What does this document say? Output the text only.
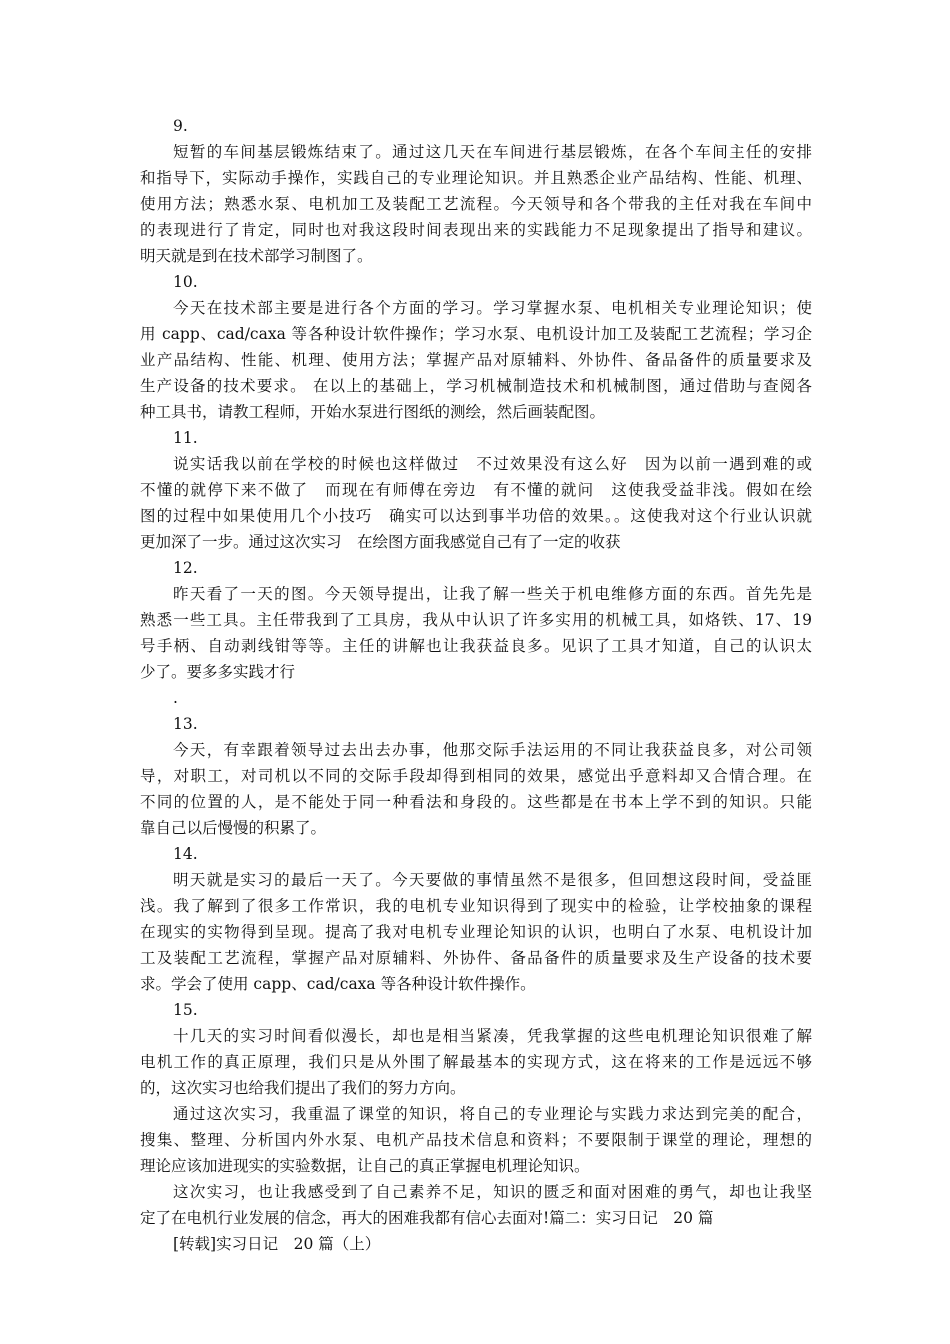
9.
短暂的车间基层锻炼结束了。通过这几天在车间进行基层锻炼，在各个车间主任的安排
和指导下，实际动手操作，实践自己的专业理论知识。并且熟悉企业产品结构、性能、机理、
使用方法；熟悉水泵、电机加工及装配工艺流程。今天领导和各个带我的主任对我在车间中
的表现进行了肯定，同时也对我这段时间表现出来的实践能力不足现象提出了指导和建议。
明天就是到在技术部学习制图了。
10.
今天在技术部主要是进行各个方面的学习。学习掌握水泵、电机相关专业理论知识；使
用 capp、cad/caxa 等各种设计软件操作；学习水泵、电机设计加工及装配工艺流程；学习企
业产品结构、性能、机理、使用方法；掌握产品对原辅料、外协件、备品备件的质量要求及
生产设备的技术要求。 在以上的基础上，学习机械制造技术和机械制图，通过借助与查阅各
种工具书，请教工程师，开始水泵进行图纸的测绘，然后画装配图。
11.
说实话我以前在学校的时候也这样做过　不过效果没有这么好　因为以前一遇到难的或
不懂的就停下来不做了　而现在有师傅在旁边　有不懂的就问　这使我受益非浅。假如在绘
图的过程中如果使用几个小技巧　确实可以达到事半功倍的效果。。这使我对这个行业认识就
更加深了一步。通过这次实习　在绘图方面我感觉自己有了一定的收获
12.
昨天看了一天的图。今天领导提出，让我了解一些关于机电维修方面的东西。首先先是
熟悉一些工具。主任带我到了工具房，我从中认识了许多实用的机械工具，如烙铁、17、19
号手柄、自动剥线钳等等。主任的讲解也让我获益良多。见识了工具才知道，自己的认识太
少了。要多多实践才行
.
13.
今天，有幸跟着领导过去出去办事，他那交际手法运用的不同让我获益良多，对公司领
导，对职工，对司机以不同的交际手段却得到相同的效果，感觉出乎意料却又合情合理。在
不同的位置的人，是不能处于同一种看法和身段的。这些都是在书本上学不到的知识。只能
靠自己以后慢慢的积累了。
14.
明天就是实习的最后一天了。今天要做的事情虽然不是很多，但回想这段时间，受益匪
浅。我了解到了很多工作常识，我的电机专业知识得到了现实中的检验，让学校抽象的课程
在现实的实物得到呈现。提高了我对电机专业理论知识的认识，也明白了水泵、电机设计加
工及装配工艺流程，掌握产品对原辅料、外协件、备品备件的质量要求及生产设备的技术要
求。学会了使用 capp、cad/caxa 等各种设计软件操作。
15.
十几天的实习时间看似漫长，却也是相当紧凑，凭我掌握的这些电机理论知识很难了解
电机工作的真正原理，我们只是从外围了解最基本的实现方式，这在将来的工作是远远不够
的，这次实习也给我们提出了我们的努力方向。
通过这次实习，我重温了课堂的知识，将自己的专业理论与实践力求达到完美的配合，
搜集、整理、分析国内外水泵、电机产品技术信息和资料；不要限制于课堂的理论，理想的
理论应该加进现实的实验数据，让自己的真正掌握电机理论知识。
这次实习，也让我感受到了自己素养不足，知识的匮乏和面对困难的勇气，却也让我坚
定了在电机行业发展的信念，再大的困难我都有信心去面对!篇二：实习日记　20 篇
[转载]实习日记　20 篇（上）
